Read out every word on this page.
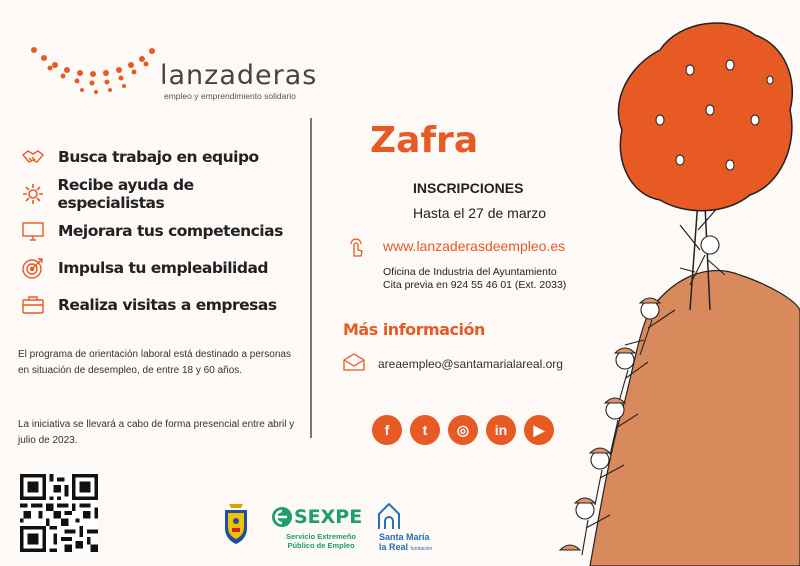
lanzaderas
empleo y emprendimiento solidario
Busca trabajo en equipo
Recibe ayuda de especialistas
Mejorara tus competencias
Impulsa tu empleabilidad
Realiza visitas a empresas

El programa de orientación laboral está destinado a personas en situación de desempleo, de entre 18 y 60 años.

La iniciativa se llevará a cabo de forma presencial entre abril y julio de 2023.

Zafra
INSCRIPCIONES
Hasta el 27 de marzo
www.lanzaderasdeempleo.es
Oficina de Industria del Ayuntamiento
Cita previa en 924 55 46 01 (Ext. 2033)
Más información
areaempleo@santamarialareal.org
f	t	◎	in	▶
SEXPE
Servicio Extremeño
Público de Empleo
Santa María
la Real fundación
